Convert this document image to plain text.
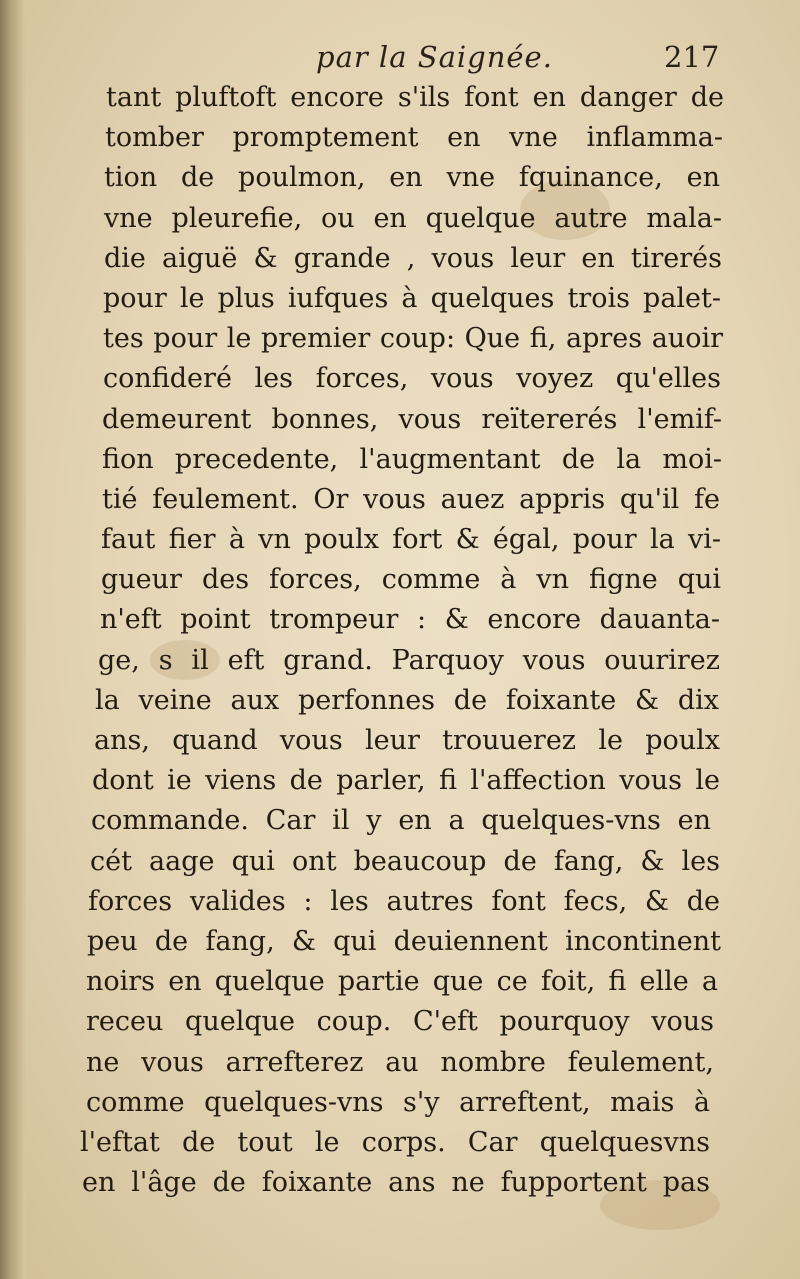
par la Saignée.	217
tant pluftoft encore s'ils font en danger de
tomber promptement en vne inflamma-
tion de poulmon, en vne fquinance, en
vne pleurefie, ou en quelque autre mala-
die aiguë & grande , vous leur en tirerés
pour le plus iufques à quelques trois palet-
tes pour le premier coup: Que fi, apres auoir
confideré les forces, vous voyez qu'elles
demeurent bonnes, vous reïtererés l'emif-
fion precedente, l'augmentant de la moi-
tié feulement. Or vous auez appris qu'il fe
faut fier à vn poulx fort & égal, pour la vi-
gueur des forces, comme à vn figne qui
n'eft point trompeur : & encore dauanta-
ge, s il eft grand. Parquoy vous ouurirez
la veine aux perfonnes de foixante & dix
ans, quand vous leur trouuerez le poulx
dont ie viens de parler, fi l'affection vous le
commande. Car il y en a quelques-vns en
cét aage qui ont beaucoup de fang, & les
forces valides : les autres font fecs, & de
peu de fang, & qui deuiennent incontinent
noirs en quelque partie que ce foit, fi elle a
receu quelque coup. C'eft pourquoy vous
ne vous arrefterez au nombre feulement,
comme quelques-vns s'y arreftent, mais à
l'eftat de tout le corps. Car quelquesvns
en l'âge de foixante ans ne fupportent pas
